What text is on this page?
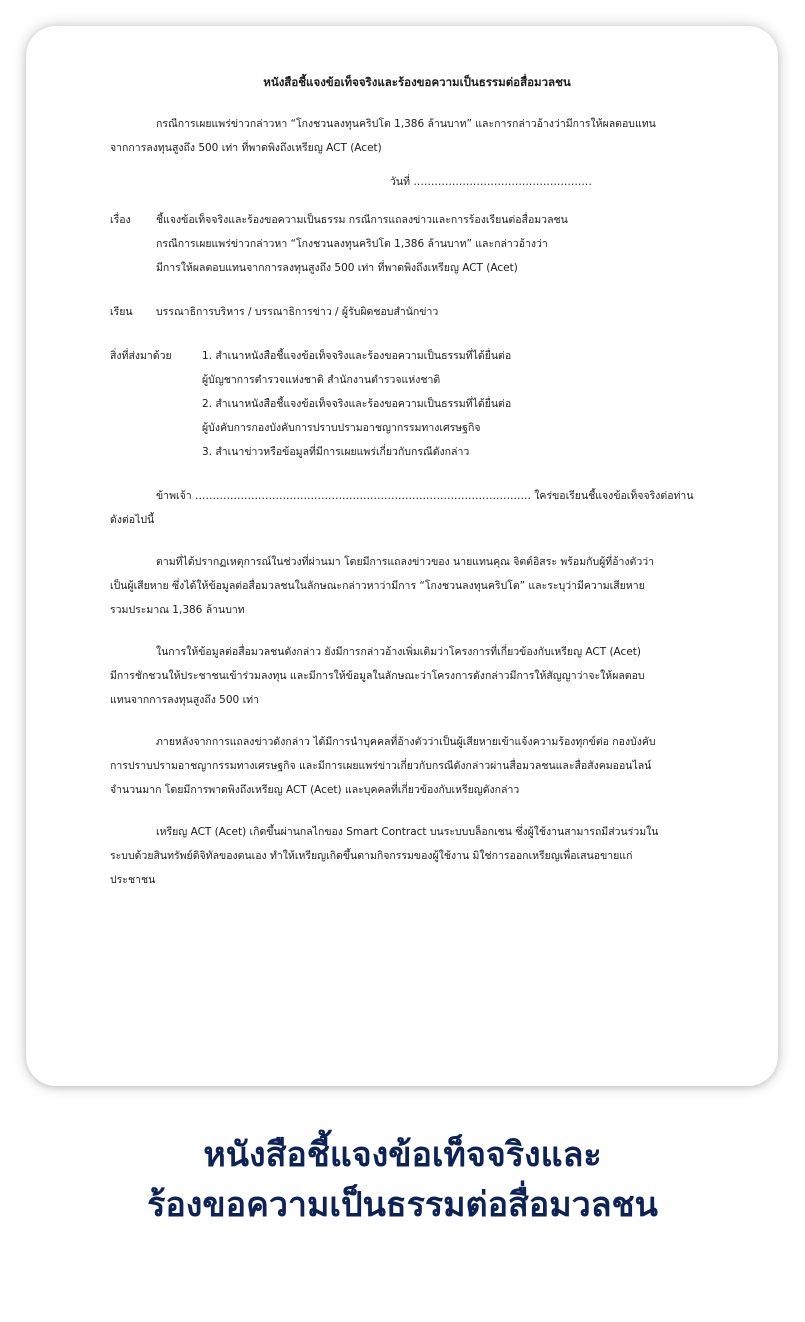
หนังสือชี้แจงข้อเท็จจริงและร้องขอความเป็นธรรมต่อสื่อมวลชน

กรณีการเผยแพร่ข่าวกล่าวหา “โกงชวนลงทุนคริปโต 1,386 ล้านบาท” และการกล่าวอ้างว่ามีการให้ผลตอบแทน

จากการลงทุนสูงถึง 500 เท่า ที่พาดพิงถึงเหรียญ ACT (Acet)

วันที่ ……………………………………………
เรื่อง	ชี้แจงข้อเท็จจริงและร้องขอความเป็นธรรม กรณีการแถลงข่าวและการร้องเรียนต่อสื่อมวลชน
กรณีการเผยแพร่ข่าวกล่าวหา “โกงชวนลงทุนคริปโต 1,386 ล้านบาท” และกล่าวอ้างว่า
มีการให้ผลตอบแทนจากการลงทุนสูงถึง 500 เท่า ที่พาดพิงถึงเหรียญ ACT (Acet)
เรียน	บรรณาธิการบริหาร / บรรณาธิการข่าว / ผู้รับผิดชอบสำนักข่าว
สิ่งที่ส่งมาด้วย	1. สำเนาหนังสือชี้แจงข้อเท็จจริงและร้องขอความเป็นธรรมที่ได้ยื่นต่อ
ผู้บัญชาการตำรวจแห่งชาติ สำนักงานตำรวจแห่งชาติ
2. สำเนาหนังสือชี้แจงข้อเท็จจริงและร้องขอความเป็นธรรมที่ได้ยื่นต่อ
ผู้บังคับการกองบังคับการปราบปรามอาชญากรรมทางเศรษฐกิจ
3. สำเนาข่าวหรือข้อมูลที่มีการเผยแพร่เกี่ยวกับกรณีดังกล่าว

ข้าพเจ้า …………………………………………………………………………………… ใคร่ขอเรียนชี้แจงข้อเท็จจริงต่อท่าน

ดังต่อไปนี้

ตามที่ได้ปรากฏเหตุการณ์ในช่วงที่ผ่านมา โดยมีการแถลงข่าวของ นายแทนคุณ จิตต์อิสระ พร้อมกับผู้ที่อ้างตัวว่า

เป็นผู้เสียหาย ซึ่งได้ให้ข้อมูลต่อสื่อมวลชนในลักษณะกล่าวหาว่ามีการ “โกงชวนลงทุนคริปโต” และระบุว่ามีความเสียหาย

รวมประมาณ 1,386 ล้านบาท

ในการให้ข้อมูลต่อสื่อมวลชนดังกล่าว ยังมีการกล่าวอ้างเพิ่มเติมว่าโครงการที่เกี่ยวข้องกับเหรียญ ACT (Acet)

มีการชักชวนให้ประชาชนเข้าร่วมลงทุน และมีการให้ข้อมูลในลักษณะว่าโครงการดังกล่าวมีการให้สัญญาว่าจะให้ผลตอบ

แทนจากการลงทุนสูงถึง 500 เท่า

ภายหลังจากการแถลงข่าวดังกล่าว ได้มีการนำบุคคลที่อ้างตัวว่าเป็นผู้เสียหายเข้าแจ้งความร้องทุกข์ต่อ กองบังคับ

การปราบปรามอาชญากรรมทางเศรษฐกิจ และมีการเผยแพร่ข่าวเกี่ยวกับกรณีดังกล่าวผ่านสื่อมวลชนและสื่อสังคมออนไลน์

จำนวนมาก โดยมีการพาดพิงถึงเหรียญ ACT (Acet) และบุคคลที่เกี่ยวข้องกับเหรียญดังกล่าว

เหรียญ ACT (Acet) เกิดขึ้นผ่านกลไกของ Smart Contract บนระบบบล็อกเชน ซึ่งผู้ใช้งานสามารถมีส่วนร่วมใน

ระบบด้วยสินทรัพย์ดิจิทัลของตนเอง ทำให้เหรียญเกิดขึ้นตามกิจกรรมของผู้ใช้งาน มิใช่การออกเหรียญเพื่อเสนอขายแก่

ประชาชน

หนังสือชี้แจงข้อเท็จจริงและ
ร้องขอความเป็นธรรมต่อสื่อมวลชน
